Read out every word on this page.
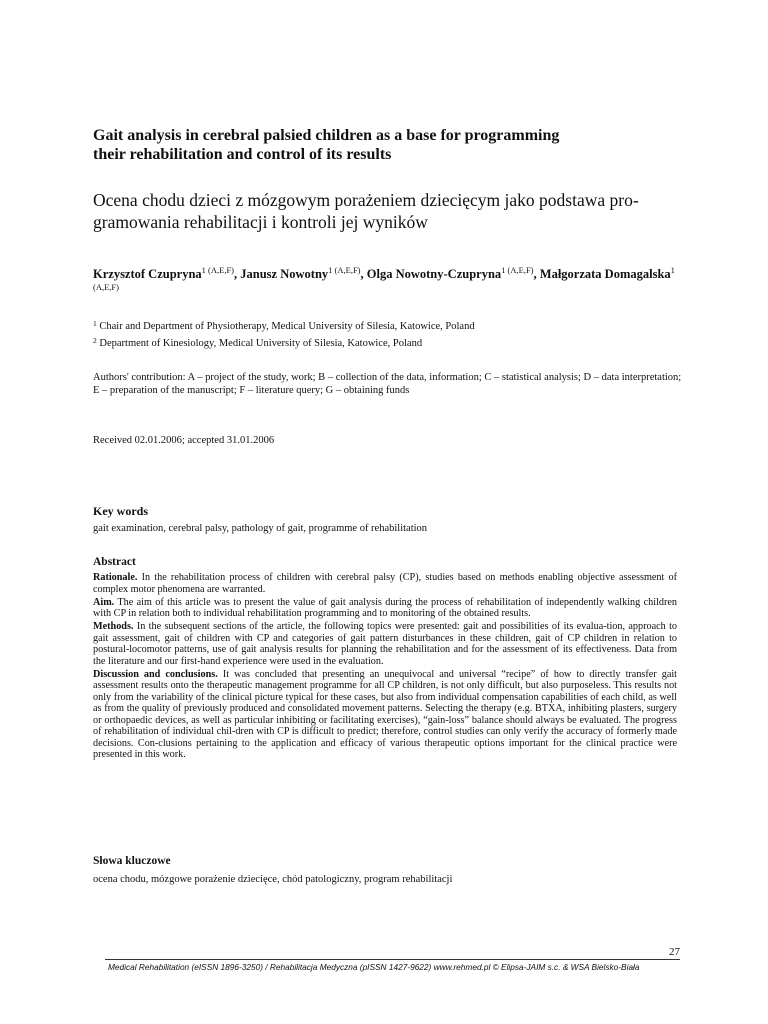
Gait analysis in cerebral palsied children as a base for programming
their rehabilitation and control of its results
Ocena chodu dzieci z mózgowym porażeniem dziecięcym jako podstawa pro-
gramowania rehabilitacji i kontroli jej wyników
Krzysztof Czupryna$^{1 (A,E,F)}$, Janusz Nowotny$^{1 (A,E,F)}$, Olga Nowotny-Czupryna$^{1 (A,E,F)}$, Małgorzata Domagalska$^{1 (A,E,F)}$
$^1$ Chair and Department of Physiotherapy, Medical University of Silesia, Katowice, Poland
$^2$ Department of Kinesiology, Medical University of Silesia, Katowice, Poland
Authors' contribution: A – project of the study, work; B – collection of the data, information; C – statistical analysis; D – data interpretation; E – preparation of the manuscript; F – literature query; G – obtaining funds
Received 02.01.2006; accepted 31.01.2006
Key words
gait examination, cerebral palsy, pathology of gait, programme of rehabilitation
Abstract

Rationale. In the rehabilitation process of children with cerebral palsy (CP), studies based on methods enabling objective assessment of complex motor phenomena are warranted.

Aim. The aim of this article was to present the value of gait analysis during the process of rehabilitation of independently walking children with CP in relation both to individual rehabilitation programming and to monitoring of the obtained results.

Methods. In the subsequent sections of the article, the following topics were presented: gait and possibilities of its evalua-tion, approach to gait assessment, gait of children with CP and categories of gait pattern disturbances in these children, gait of CP children in relation to postural-locomotor patterns, use of gait analysis results for planning the rehabilitation and for the assessment of its effectiveness. Data from the literature and our first-hand experience were used in the evaluation.

Discussion and conclusions. It was concluded that presenting an unequivocal and universal “recipe” of how to directly transfer gait assessment results onto the therapeutic management programme for all CP children, is not only difficult, but also purposeless. This results not only from the variability of the clinical picture typical for these cases, but also from individual compensation capabilities of each child, as well as from the quality of previously produced and consolidated movement patterns. Selecting the therapy (e.g. BTXA, inhibiting plasters, surgery or orthopaedic devices, as well as particular inhibiting or facilitating exercises), “gain-loss” balance should always be evaluated. The progress of rehabilitation of individual chil-dren with CP is difficult to predict; therefore, control studies can only verify the accuracy of formerly made decisions. Con-clusions pertaining to the application and efficacy of various therapeutic options important for the clinical practice were presented in this work.

Słowa kluczowe
ocena chodu, mózgowe porażenie dziecięce, chód patologiczny, program rehabilitacji
27
Medical Rehabilitation (eISSN 1896-3250) / Rehabilitacja Medyczna (pISSN 1427-9622) www.rehmed.pl © Elipsa-JAIM s.c. & WSA Bielsko-Biała
